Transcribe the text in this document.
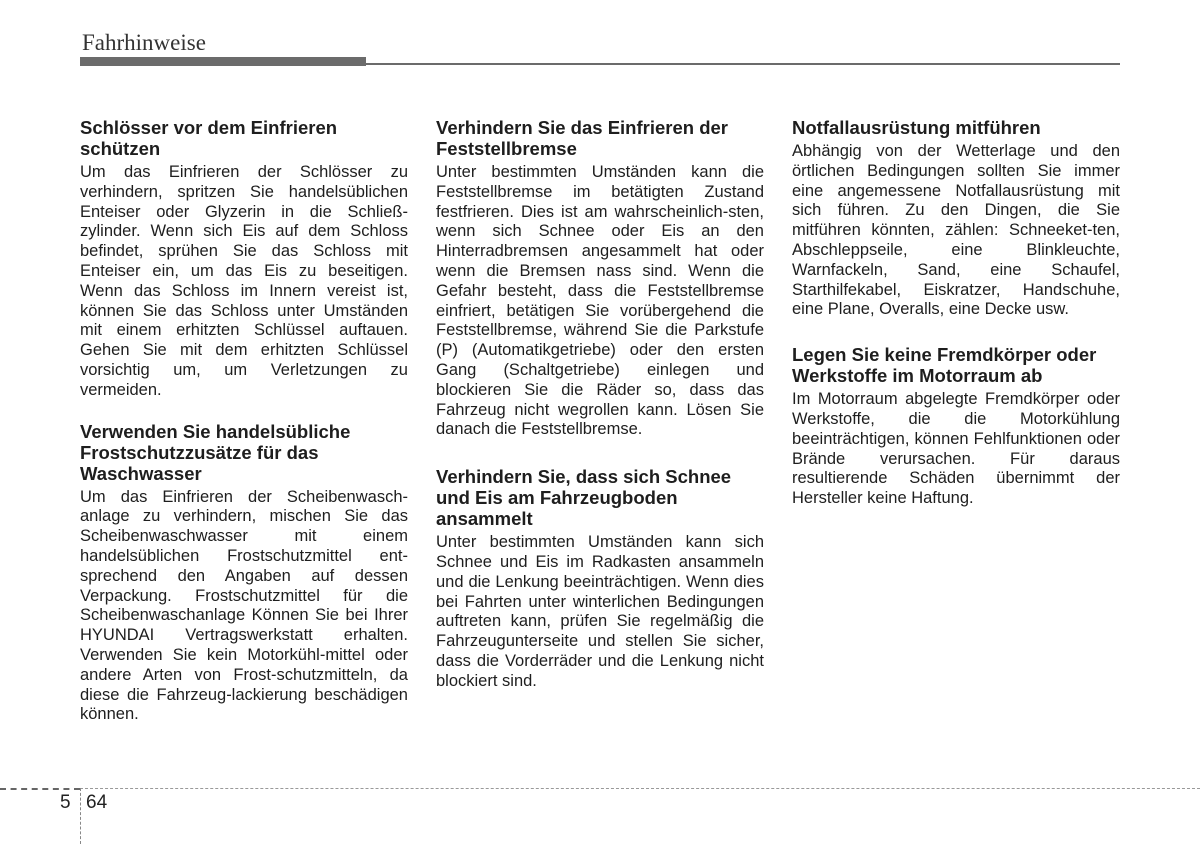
Fahrhinweise
Schlösser vor dem Einfrieren
schützen

Um das Einfrieren der Schlösser zu verhindern, spritzen Sie handelsüblichen Enteiser oder Glyzerin in die Schließ-zylinder. Wenn sich Eis auf dem Schloss befindet, sprühen Sie das Schloss mit Enteiser ein, um das Eis zu beseitigen. Wenn das Schloss im Innern vereist ist, können Sie das Schloss unter Umständen mit einem erhitzten Schlüssel auftauen. Gehen Sie mit dem erhitzten Schlüssel vorsichtig um, um Verletzungen zu vermeiden.

Verwenden Sie handelsübliche Frostschutzzusätze für das Waschwasser

Um das Einfrieren der Scheibenwasch-anlage zu verhindern, mischen Sie das Scheibenwaschwasser mit einem handelsüblichen Frostschutzmittel ent-sprechend den Angaben auf dessen Verpackung. Frostschutzmittel für die Scheibenwaschanlage Können Sie bei Ihrer HYUNDAI Vertragswerkstatt erhalten. Verwenden Sie kein Motorkühl-mittel oder andere Arten von Frost-schutzmitteln, da diese die Fahrzeug-lackierung beschädigen können.

Verhindern Sie das Einfrieren der Feststellbremse

Unter bestimmten Umständen kann die Feststellbremse im betätigten Zustand festfrieren. Dies ist am wahrscheinlich-sten, wenn sich Schnee oder Eis an den Hinterradbremsen angesammelt hat oder wenn die Bremsen nass sind. Wenn die Gefahr besteht, dass die Feststellbremse einfriert, betätigen Sie vorübergehend die Feststellbremse, während Sie die Parkstufe (P) (Automatikgetriebe) oder den ersten Gang (Schaltgetriebe) einlegen und blockieren Sie die Räder so, dass das Fahrzeug nicht wegrollen kann. Lösen Sie danach die Feststellbremse.

Verhindern Sie, dass sich Schnee und Eis am Fahrzeugboden ansammelt

Unter bestimmten Umständen kann sich Schnee und Eis im Radkasten ansammeln und die Lenkung beeinträchtigen. Wenn dies bei Fahrten unter winterlichen Bedingungen auftreten kann, prüfen Sie regelmäßig die Fahrzeugunterseite und stellen Sie sicher, dass die Vorderräder und die Lenkung nicht blockiert sind.

Notfallausrüstung mitführen

Abhängig von der Wetterlage und den örtlichen Bedingungen sollten Sie immer eine angemessene Notfallausrüstung mit sich führen. Zu den Dingen, die Sie mitführen könnten, zählen: Schneeket-ten, Abschleppseile, eine Blinkleuchte, Warnfackeln, Sand, eine Schaufel, Starthilfekabel, Eiskratzer, Handschuhe, eine Plane, Overalls, eine Decke usw.

Legen Sie keine Fremdkörper oder Werkstoffe im Motorraum ab

Im Motorraum abgelegte Fremdkörper oder Werkstoffe, die die Motorkühlung beeinträchtigen, können Fehlfunktionen oder Brände verursachen. Für daraus resultierende Schäden übernimmt der Hersteller keine Haftung.

5 64
